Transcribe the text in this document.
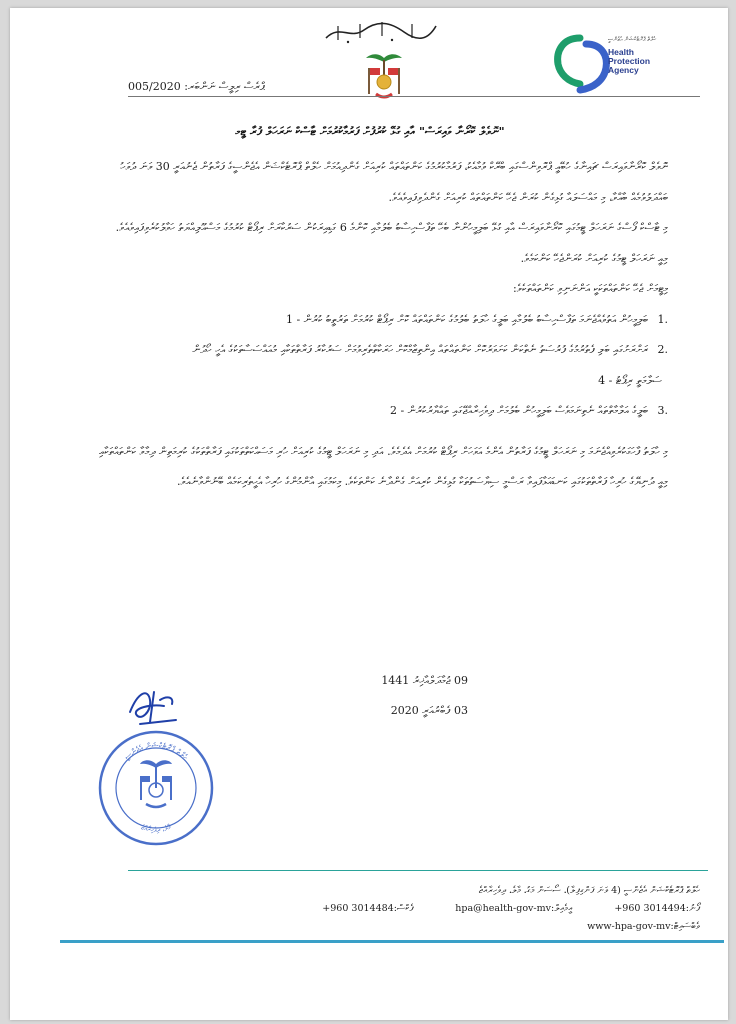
ހެލްތް ޕްރޮޓެކްޝަން އެޖެންސީ
Health
Protection
Agency
ޕްރެސް ރިލީސް ނަންބަރ: 005/2020
"ނޮވެލް ކޮރޯނާ ވައިރަސް" އާއި ގުޅޭ ކުރުފުށް ފަރުމާކުރުމަށް ޓާސްކް ނަރަހަލް ފުރާ ޓީމ

ނޮވެލް ކޮރޯނާވައިރަސް ޗައިނާގެ ހުބޭއީ ޕްރޮވިންސްގައި ބްރޭކް ވުމާއެކު، ފަރުމާކުރުމުގެ ކަންތައްތައް ކުރިއަށް ގެންދިއުމަށް ހެލްތް ޕްރޮޓެކްޝަން އެޖެންސީގެ ފަރާތުން ޖެނުއަރީ 30 ވަނަ ދުވަހު ބައްދަލުވުމެއް ބާއްވާ، މި މައްސަލައާ ގުޅިގެން ކުރަން ޖެހޭ ކަންތައްތައް ކުރިއަށް ގެންދެވިފައިވެއެވެ.

މި ޓާސްކް ފޯސްގެ ނަރަހަލް ޓީމުގައި ކޮރޯނާވައިރަސް އާއި ގުޅޭ ބަލިމީހުންނާ ބެހޭ ތަފާސްހިސާބު ބެލުމާއި ކޮންމެ 6 ގަޑިއިރަކުން ސަރުކާރަށް ރިޕޯޓް ކުރުމުގެ މަސްއޫލިއްޔަތު ހަވާލުކުރެވިފައިވެއެވެ.

މިއީ ނަރަހަލް ޓީމުގެ ކުރިއަށް ކުރަންޖެހޭ ކަންކަމެވެ.

މިޓީމަށް ޖެހޭ ކަންތައްތަކަކީ އަންނަނިވި ކަންތައްތަކެވެ:

1. ބަލިމީހުން އަތުވެއްޖެނަމަ ތަފާސްހިސާބު ބެލުމާއި ބަލީގެ ހާލަތު ބެލުމުގެ ކަންތައްތައް ކޮށް ރިޕޯޓް ކުރުމަށް ތަރުތީބު ކުރުން - 1

2. ރަށްރަށުގައި ބަލި ފެތުރުމުގެ ފުރުސަތު ނެތްކަން ކަށަވަރުކޮށް ކަންތައްތައް އިންތިޒާމްކޮށް ހަރަކާތްތެރިވުމަށް ސަރުކާރު ފަރާތްތަކާއި މުއައްސަސާތަކުގެ އެހީ ހޯދުން

ސަލާމަތީ ރިޕޯޓު - 4

3. ބަލީގެ އަލާމާތްތައް ނެތިނަމަވެސް ބަލިމީހުން ބެލުމަށް ދިވެހިރާއްޖޭގައި ތައްޔާރުކުރުން - 2

މި ހާލަތު ފާހަގަކުރެވިއްޖެނަމަ މި ނަރަހަލް ޓީމުގެ ފަރާތުން އެންމެ އަވަހަށް ރިޕޯޓް ކުރުމަށް އެދެމެވެ. އަދި މި ނަރަހަލް ޓީމުގެ ކުރިއަށް ހުރި މަސައްކަތްތަކުގައި ފަރާތްތަކުގެ ކުރިމަތިން ދިމާވާ ކަންތައްތަކާއި މިއީ ދުނިޔޭގެ ހުރިހާ ފަރާތްތަކުގައި ކަނޑައަޅާފައިވާ ރަސްމީ ސިޔާސަތުތަކާ ގުޅިގެން ކުރިއަށް ގެންދާނެ ކަންތަކެވެ. މިކަމުގައި އާންމުންގެ ހުރިހާ އެހީތެރިކަމެއް ބޭނުންވާނެއެވެ.

09 ޖުމާދަލްއާޚިރު 1441
03 ފެބްރުއަރީ 2020
ހެލްތް ޕްރޮޓެކްޝަން އެޖެންސީ
މާލެ، ދިވެހިރާއްޖެ
ހެލްތް ޕްރޮޓެކްޝަން އެޖެންސީ (4 ވަނަ ފަންގިފިލާ)، ސޯސަން މަގު، މާލެ، ދިވެހިރާއްޖެ
ފޯނު:+960 3014494  އީމެއިލް:hpa@health-gov-mv  ފެކްސް:+960 3014484
ވެބްސައިޓް:www-hpa-gov-mv
